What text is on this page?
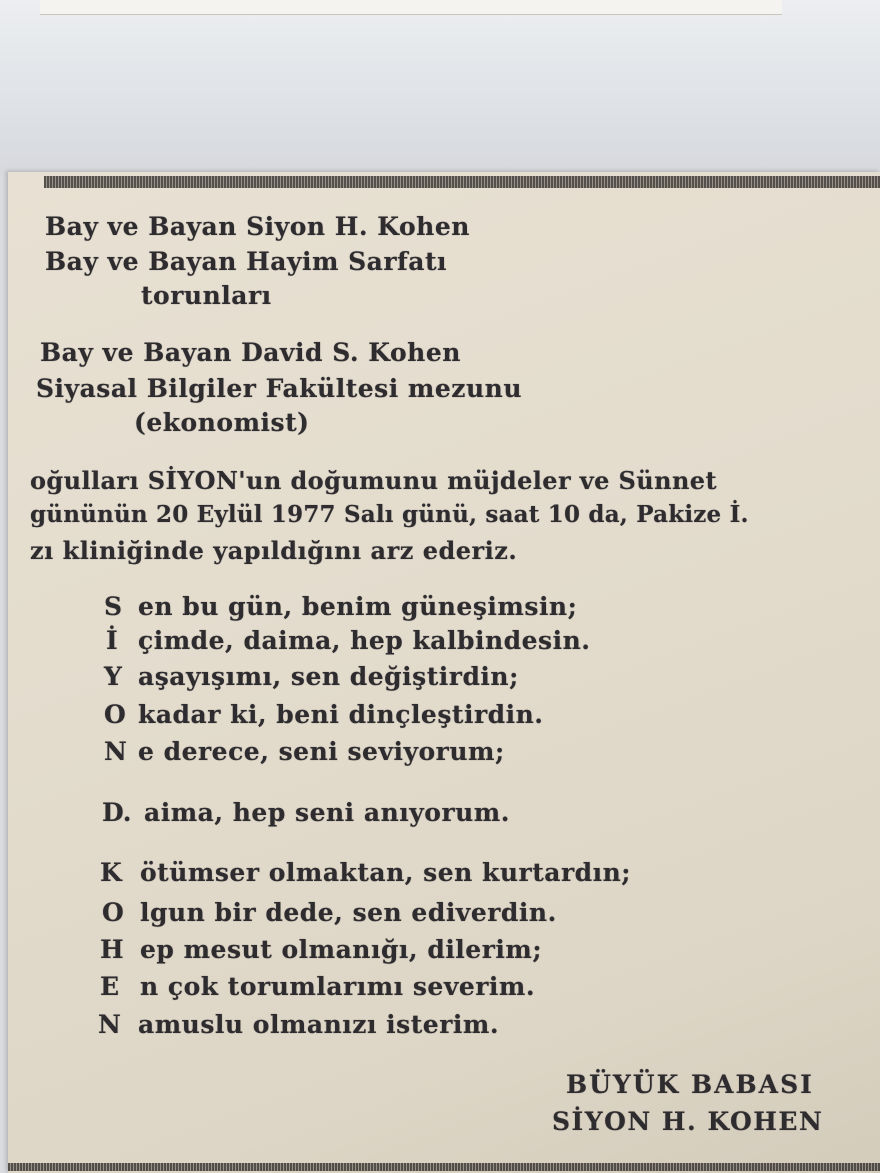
Bay ve Bayan Siyon H. Kohen
Bay ve Bayan Hayim Sarfatı
torunları
Bay ve Bayan David S. Kohen
Siyasal Bilgiler Fakültesi mezunu
(ekonomist)
oğulları SİYON'un doğumunu müjdeler ve Sünnet
gününün 20 Eylül 1977 Salı günü, saat 10 da, Pakize İ.
zı kliniğinde yapıldığını arz ederiz.
S en bu gün, benim güneşimsin;
İ çimde, daima, hep kalbindesin.
Y aşayışımı, sen değiştirdin;
O kadar ki, beni dinçleştirdin.
N e derece, seni seviyorum;
D. aima, hep seni anıyorum.
K ötümser olmaktan, sen kurtardın;
O lgun bir dede, sen ediverdin.
H ep mesut olmanığı, dilerim;
E n çok torumlarımı severim.
N amuslu olmanızı isterim.
BÜYÜK BABASI
SİYON H. KOHEN
